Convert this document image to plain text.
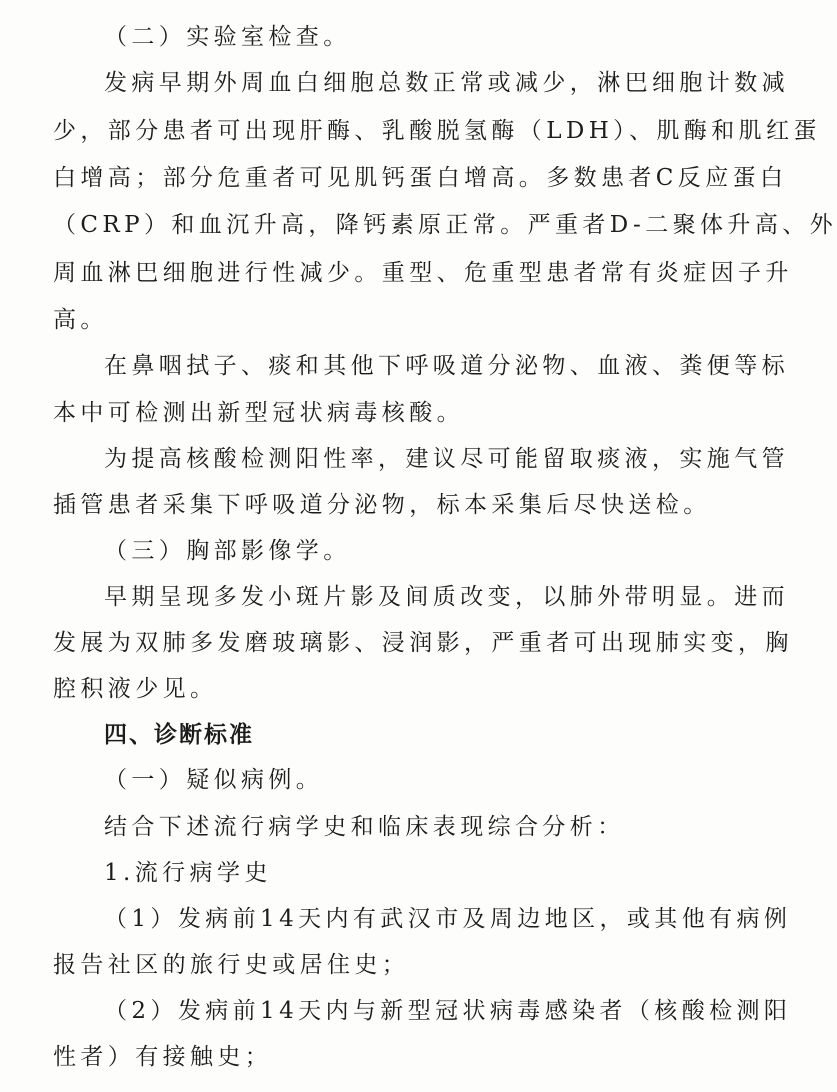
（二）实验室检查。

发病早期外周血白细胞总数正常或减少，淋巴细胞计数减

少，部分患者可出现肝酶、乳酸脱氢酶（LDH）、肌酶和肌红蛋

白增高；部分危重者可见肌钙蛋白增高。多数患者C反应蛋白

（CRP）和血沉升高，降钙素原正常。严重者D-二聚体升高、外

周血淋巴细胞进行性减少。重型、危重型患者常有炎症因子升

高。

在鼻咽拭子、痰和其他下呼吸道分泌物、血液、粪便等标

本中可检测出新型冠状病毒核酸。

为提高核酸检测阳性率，建议尽可能留取痰液，实施气管

插管患者采集下呼吸道分泌物，标本采集后尽快送检。

（三）胸部影像学。

早期呈现多发小斑片影及间质改变，以肺外带明显。进而

发展为双肺多发磨玻璃影、浸润影，严重者可出现肺实变，胸

腔积液少见。

四、诊断标准

（一）疑似病例。

结合下述流行病学史和临床表现综合分析：

1.流行病学史

（1）发病前14天内有武汉市及周边地区，或其他有病例

报告社区的旅行史或居住史；

（2）发病前14天内与新型冠状病毒感染者（核酸检测阳

性者）有接触史；
